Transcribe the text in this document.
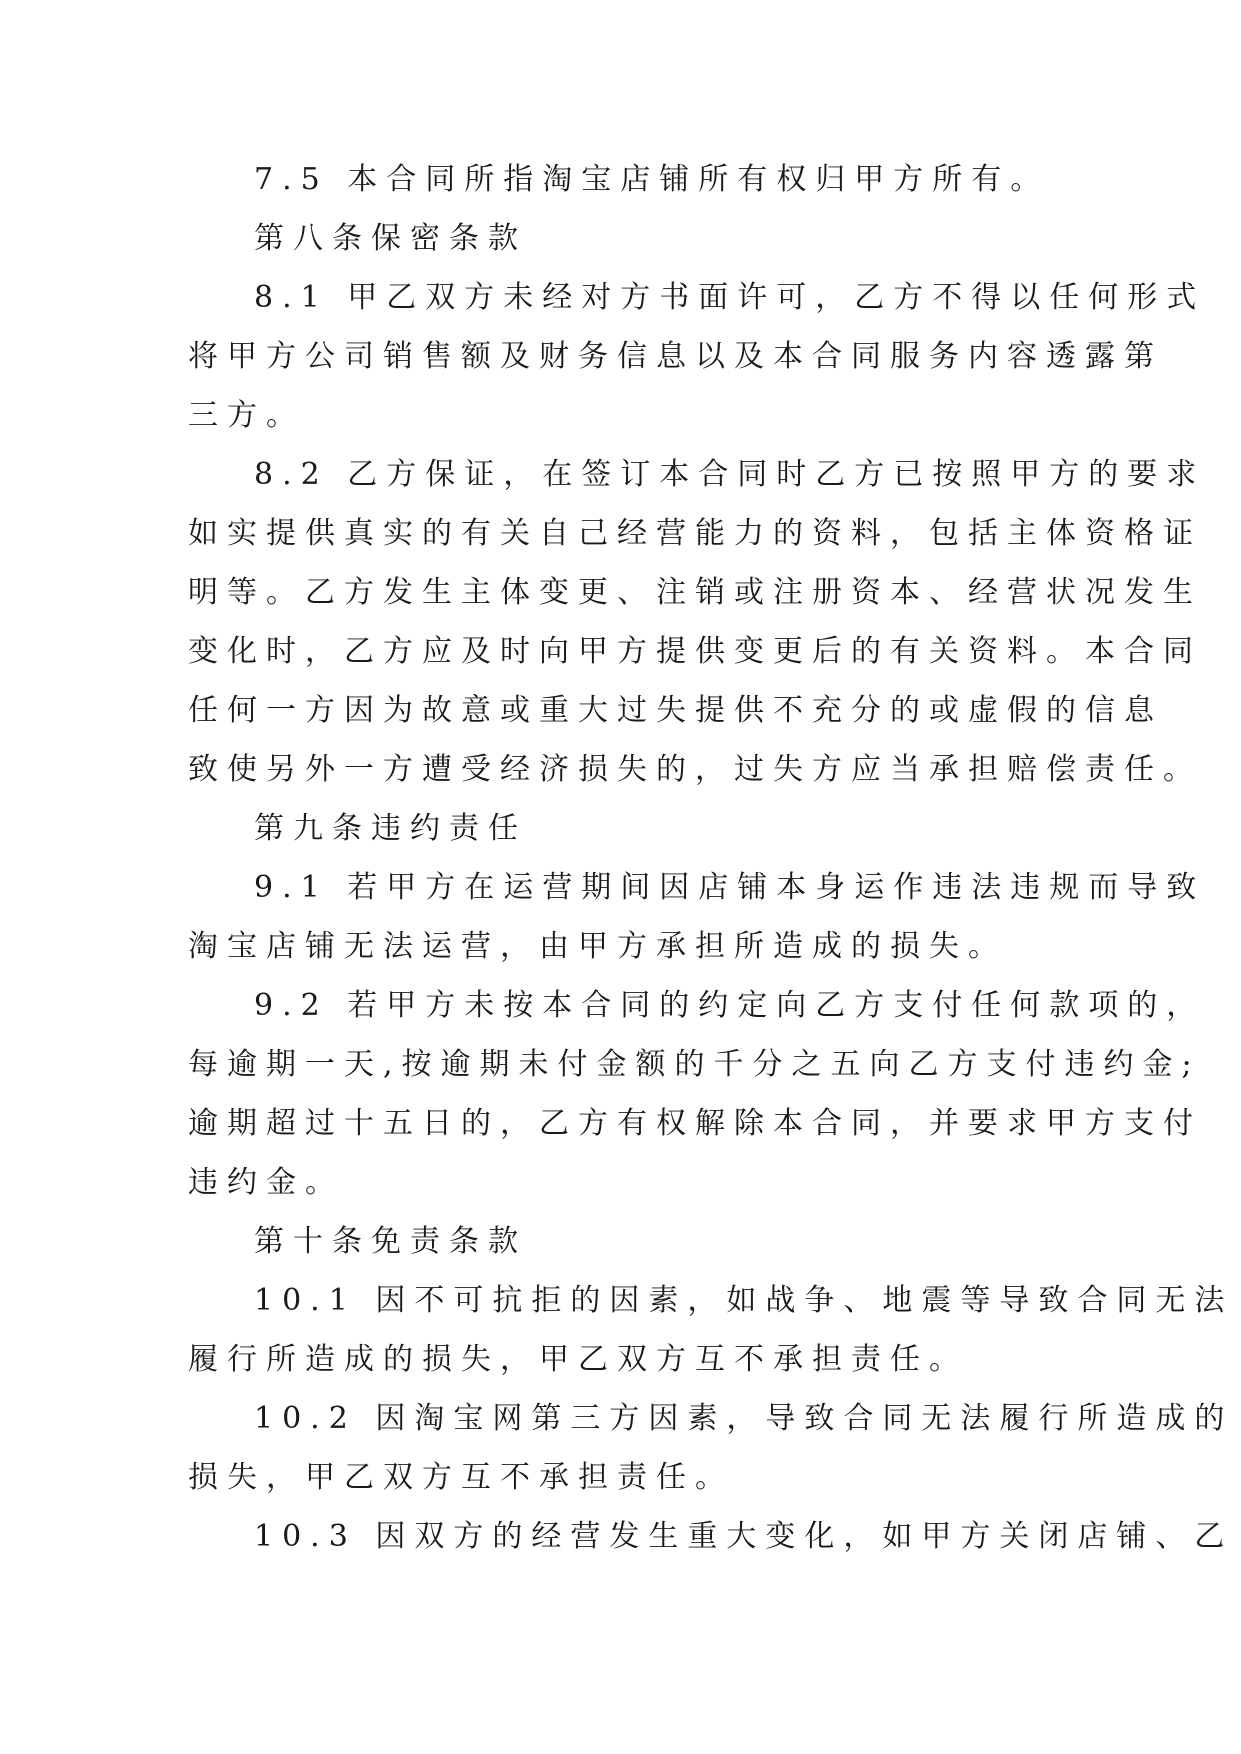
7.5 本合同所指淘宝店铺所有权归甲方所有。
第八条保密条款
8.1 甲乙双方未经对方书面许可，乙方不得以任何形式
将甲方公司销售额及财务信息以及本合同服务内容透露第
三方。
8.2 乙方保证，在签订本合同时乙方已按照甲方的要求
如实提供真实的有关自己经营能力的资料，包括主体资格证
明等。乙方发生主体变更、注销或注册资本、经营状况发生
变化时，乙方应及时向甲方提供变更后的有关资料。本合同
任何一方因为故意或重大过失提供不充分的或虚假的信息
致使另外一方遭受经济损失的，过失方应当承担赔偿责任。
第九条违约责任
9.1 若甲方在运营期间因店铺本身运作违法违规而导致
淘宝店铺无法运营，由甲方承担所造成的损失。
9.2 若甲方未按本合同的约定向乙方支付任何款项的，
每逾期一天,按逾期未付金额的千分之五向乙方支付违约金;
逾期超过十五日的，乙方有权解除本合同，并要求甲方支付
违约金。
第十条免责条款
10.1 因不可抗拒的因素，如战争、地震等导致合同无法
履行所造成的损失，甲乙双方互不承担责任。
10.2 因淘宝网第三方因素，导致合同无法履行所造成的
损失，甲乙双方互不承担责任。
10.3 因双方的经营发生重大变化，如甲方关闭店铺、乙
